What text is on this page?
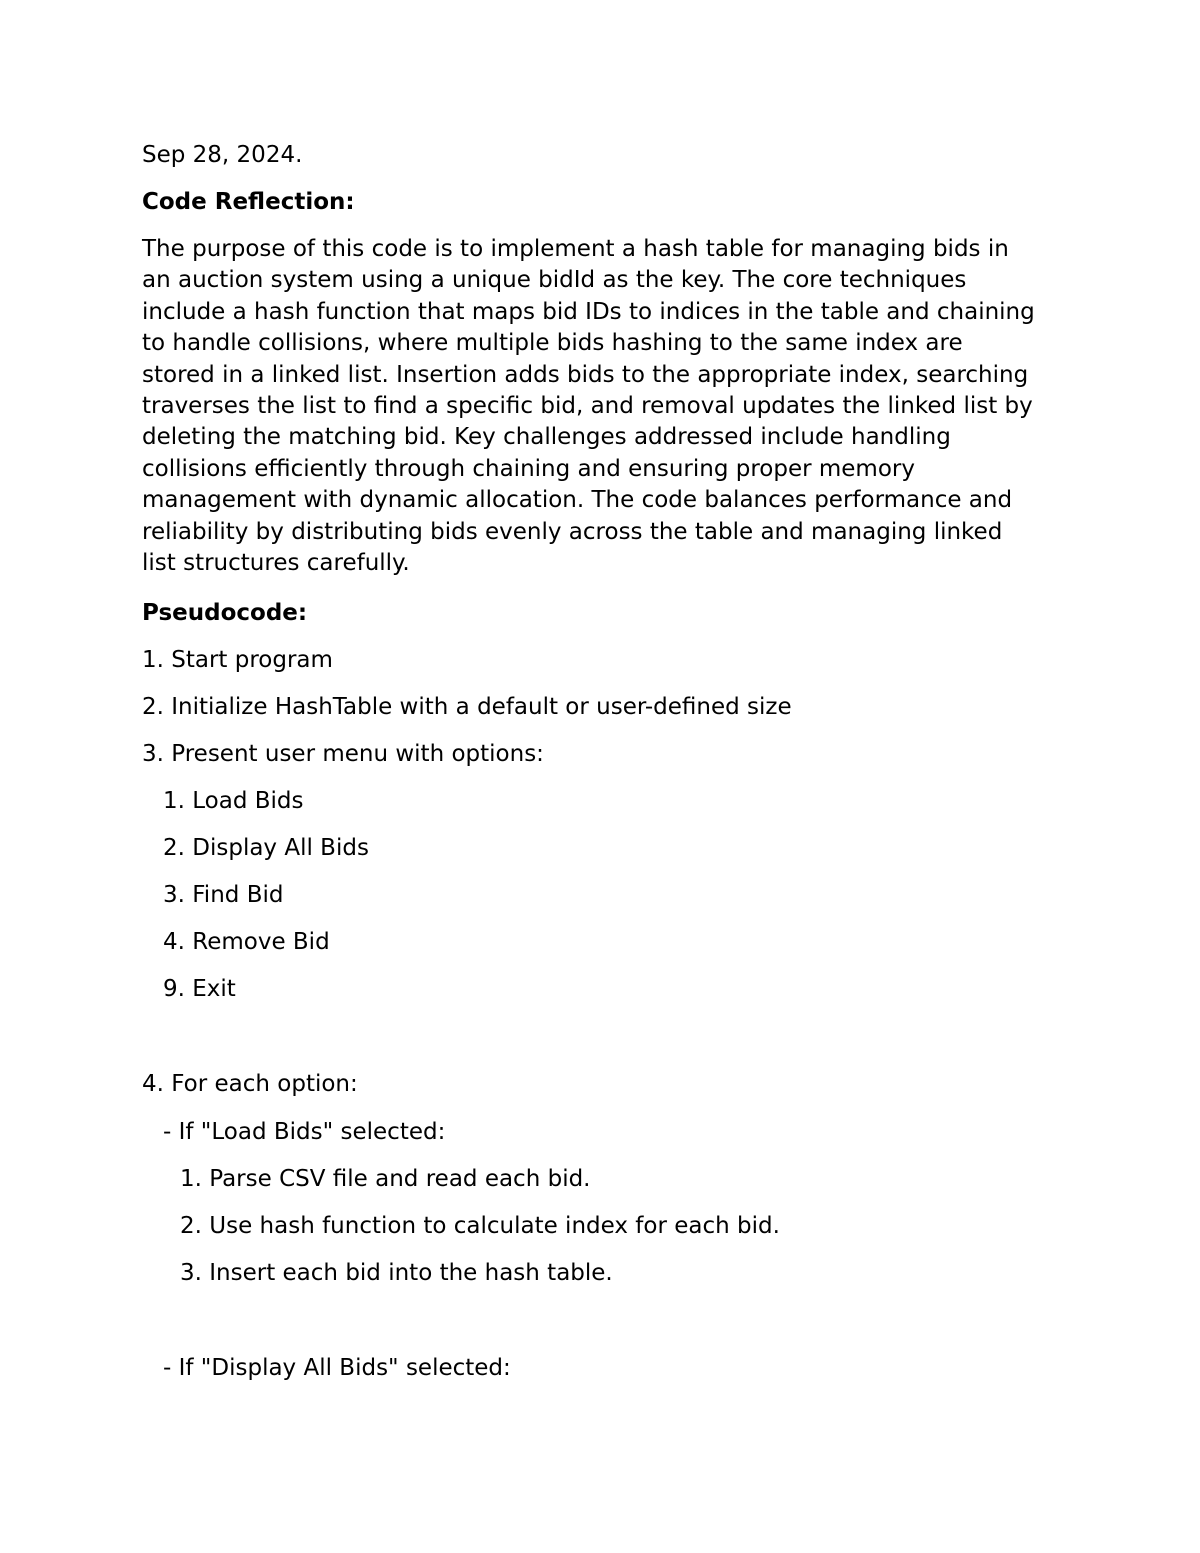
Sep 28, 2024.

Code Reflection:

The purpose of this code is to implement a hash table for managing bids in
an auction system using a unique bidId as the key. The core techniques
include a hash function that maps bid IDs to indices in the table and chaining
to handle collisions, where multiple bids hashing to the same index are
stored in a linked list. Insertion adds bids to the appropriate index, searching
traverses the list to find a specific bid, and removal updates the linked list by
deleting the matching bid. Key challenges addressed include handling
collisions efficiently through chaining and ensuring proper memory
management with dynamic allocation. The code balances performance and
reliability by distributing bids evenly across the table and managing linked
list structures carefully.

Pseudocode:

1. Start program

2. Initialize HashTable with a default or user-defined size

3. Present user menu with options:

1. Load Bids

2. Display All Bids

3. Find Bid

4. Remove Bid

9. Exit

4. For each option:

- If "Load Bids" selected:

1. Parse CSV file and read each bid.

2. Use hash function to calculate index for each bid.

3. Insert each bid into the hash table.

- If "Display All Bids" selected:
